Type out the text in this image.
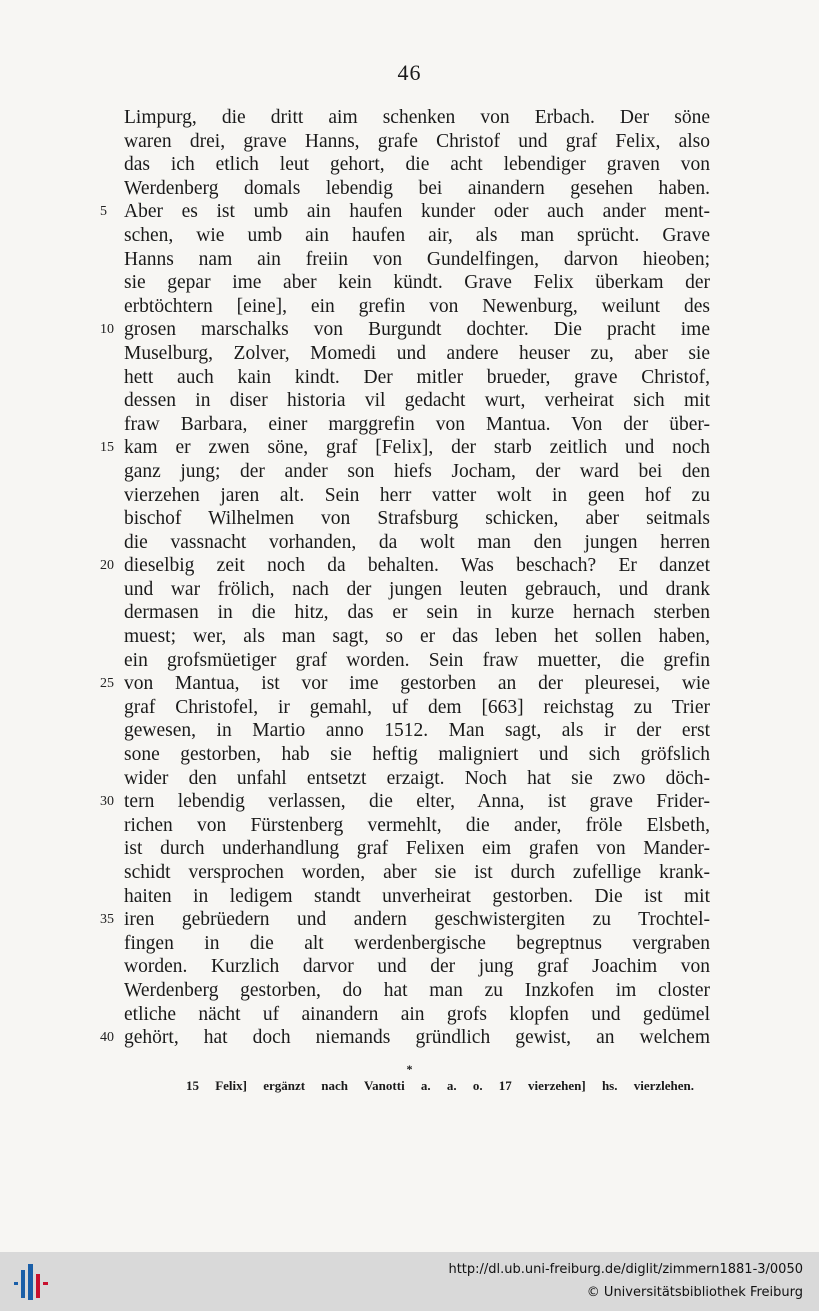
46
Limpurg, die dritt aim schenken von Erbach. Der söne
waren drei, grave Hanns, grafe Christof und graf Felix, also
das ich etlich leut gehort, die acht lebendiger graven von
Werdenberg domals lebendig bei ainandern gesehen haben.
5 Aber es ist umb ain haufen kunder oder auch ander ment-
schen, wie umb ain haufen air, als man sprücht. Grave
Hanns nam ain freiin von Gundelfingen, darvon hieoben;
sie gepar ime aber kein kündt. Grave Felix überkam der
erbtöchtern [eine], ein grefin von Newenburg, weilunt des
10 grosen marschalks von Burgundt dochter. Die pracht ime
Muselburg, Zolver, Momedi und andere heuser zu, aber sie
hett auch kain kindt. Der mitler brueder, grave Christof,
dessen in diser historia vil gedacht wurt, verheirat sich mit
fraw Barbara, einer marggrefin von Mantua. Von der über-
15 kam er zwen söne, graf [Felix], der starb zeitlich und noch
ganz jung; der ander son hiefs Jocham, der ward bei den
vierzehen jaren alt. Sein herr vatter wolt in geen hof zu
bischof Wilhelmen von Strafsburg schicken, aber seitmals
die vassnacht vorhanden, da wolt man den jungen herren
20 dieselbig zeit noch da behalten. Was beschach? Er danzet
und war frölich, nach der jungen leuten gebrauch, und drank
dermasen in die hitz, das er sein in kurze hernach sterben
muest; wer, als man sagt, so er das leben het sollen haben,
ein grofsmüetiger graf worden. Sein fraw muetter, die grefin
25 von Mantua, ist vor ime gestorben an der pleuresei, wie
graf Christofel, ir gemahl, uf dem [663] reichstag zu Trier
gewesen, in Martio anno 1512. Man sagt, als ir der erst
sone gestorben, hab sie heftig maligniert und sich gröfslich
wider den unfahl entsetzt erzaigt. Noch hat sie zwo döch-
30 tern lebendig verlassen, die elter, Anna, ist grave Frider-
richen von Fürstenberg vermehlt, die ander, fröle Elsbeth,
ist durch underhandlung graf Felixen eim grafen von Mander-
schidt versprochen worden, aber sie ist durch zufellige krank-
haiten in ledigem standt unverheirat gestorben. Die ist mit
35 iren gebrüedern und andern geschwistergiten zu Trochtel-
fingen in die alt werdenbergische begreptnus vergraben
worden. Kurzlich darvor und der jung graf Joachim von
Werdenberg gestorben, do hat man zu Inzkofen im closter
etliche nächt uf ainandern ain grofs klopfen und gedümel
40 gehört, hat doch niemands gründlich gewist, an welchem
*
15 Felix] ergänzt nach Vanotti a. a. o. 17 vierzehen] hs. vierzlehen.
http://dl.ub.uni-freiburg.de/diglit/zimmern1881-3/0050
© Universitätsbibliothek Freiburg
